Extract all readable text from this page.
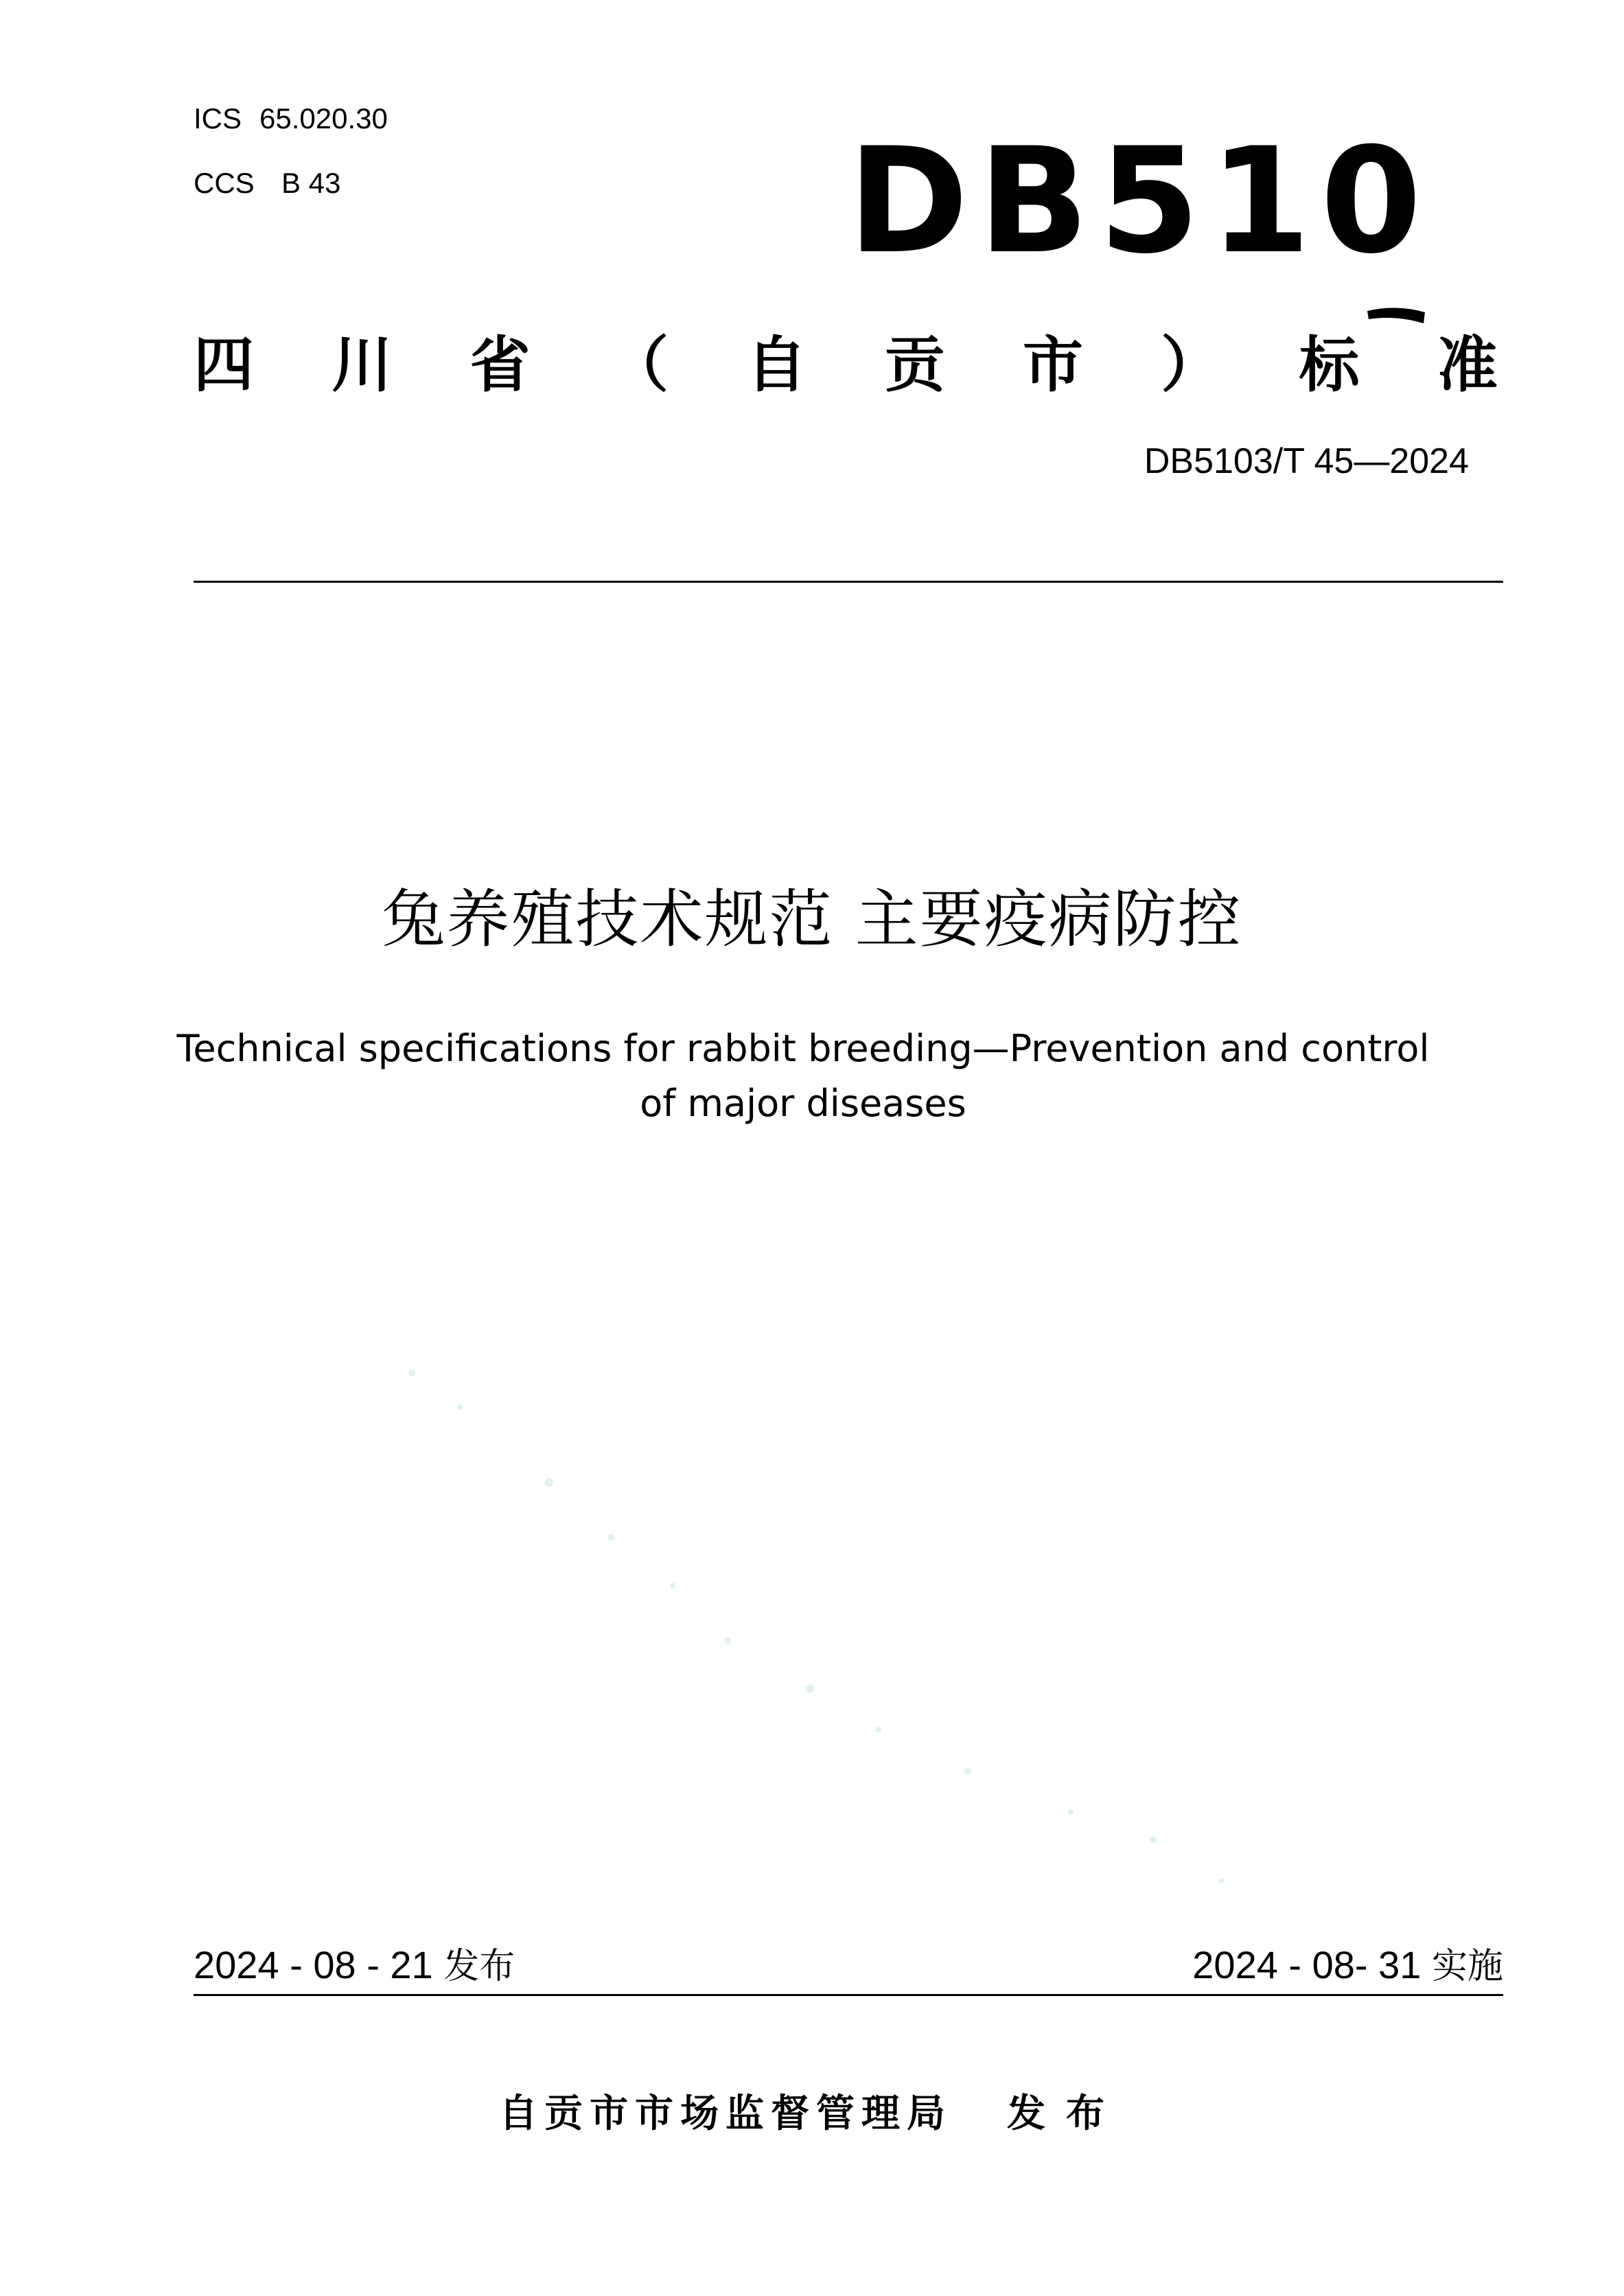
ICS 65.020.30
CCS B 43	DB510
四 川 省 （ 自 贡 市 ） 标 准
DB5103/T 45—2024
兔养殖技术规范 主要疫病防控
Technical specifications for rabbit breeding—Prevention and control
of major diseases
2024 - 08 - 21 发布	2024 - 08- 31 实施
自贡市市场监督管理局 发布
